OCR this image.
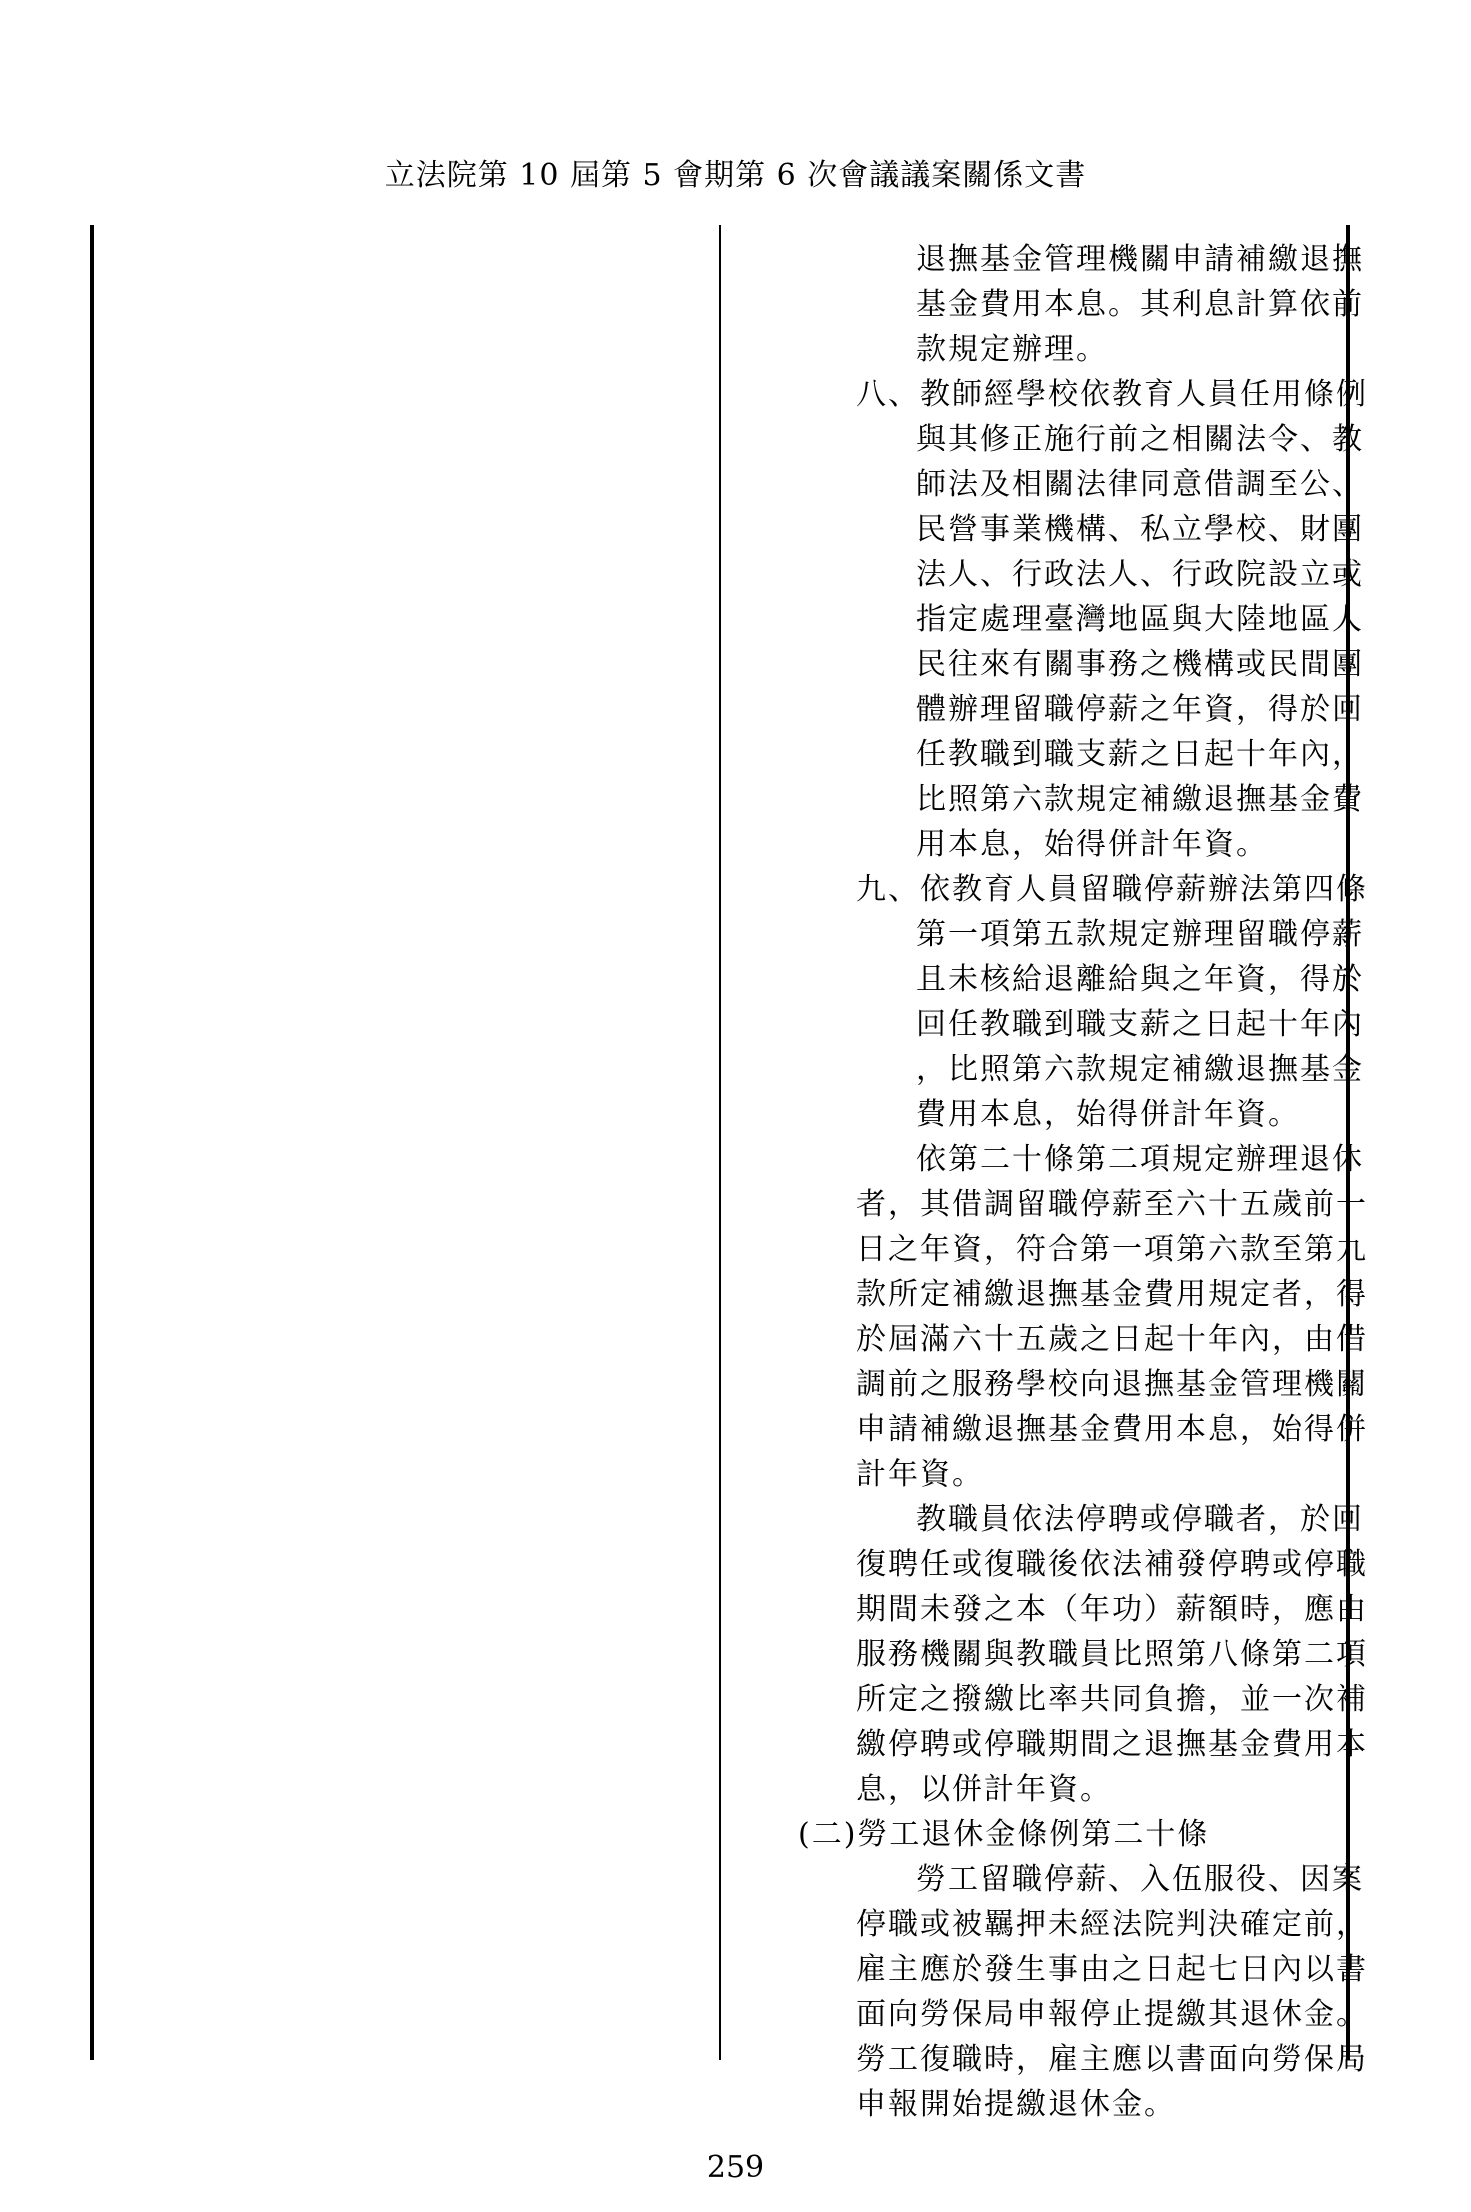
立法院第 10 屆第 5 會期第 6 次會議議案關係文書
退撫基金管理機關申請補繳退撫
基金費用本息。其利息計算依前
款規定辦理。
八、教師經學校依教育人員任用條例
與其修正施行前之相關法令、教
師法及相關法律同意借調至公、
民營事業機構、私立學校、財團
法人、行政法人、行政院設立或
指定處理臺灣地區與大陸地區人
民往來有關事務之機構或民間團
體辦理留職停薪之年資，得於回
任教職到職支薪之日起十年內，
比照第六款規定補繳退撫基金費
用本息，始得併計年資。
九、依教育人員留職停薪辦法第四條
第一項第五款規定辦理留職停薪
且未核給退離給與之年資，得於
回任教職到職支薪之日起十年內
，比照第六款規定補繳退撫基金
費用本息，始得併計年資。
依第二十條第二項規定辦理退休
者，其借調留職停薪至六十五歲前一
日之年資，符合第一項第六款至第九
款所定補繳退撫基金費用規定者，得
於屆滿六十五歲之日起十年內，由借
調前之服務學校向退撫基金管理機關
申請補繳退撫基金費用本息，始得併
計年資。
教職員依法停聘或停職者，於回
復聘任或復職後依法補發停聘或停職
期間未發之本（年功）薪額時，應由
服務機關與教職員比照第八條第二項
所定之撥繳比率共同負擔，並一次補
繳停聘或停職期間之退撫基金費用本
息，以併計年資。
(二)勞工退休金條例第二十條
勞工留職停薪、入伍服役、因案
停職或被羈押未經法院判決確定前，
雇主應於發生事由之日起七日內以書
面向勞保局申報停止提繳其退休金。
勞工復職時，雇主應以書面向勞保局
申報開始提繳退休金。
259
